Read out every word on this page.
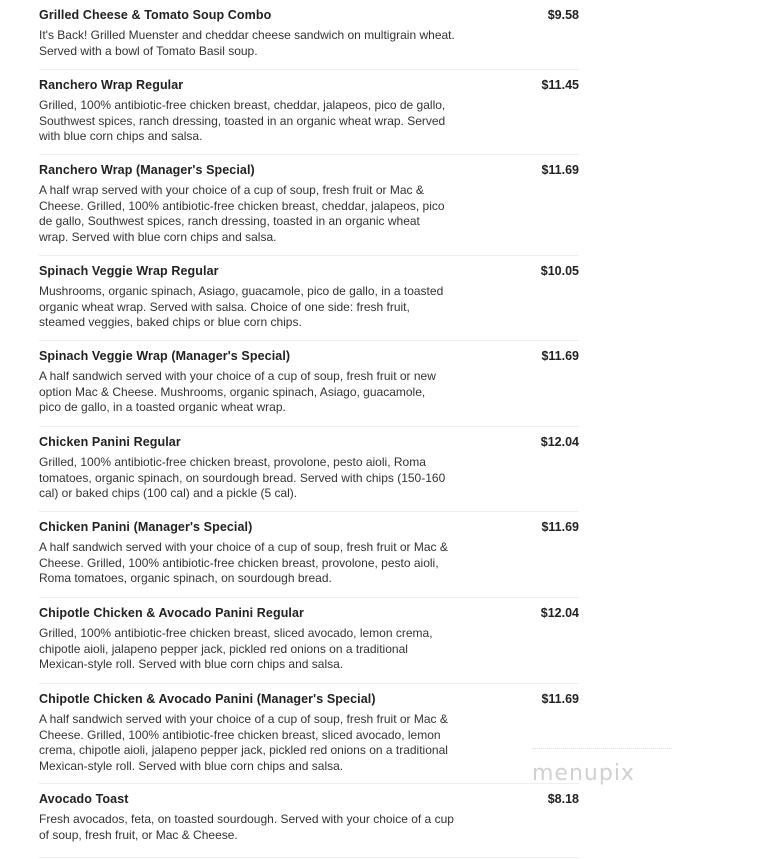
Grilled Cheese & Tomato Soup Combo	$9.58
It's Back! Grilled Muenster and cheddar cheese sandwich on multigrain wheat.
Served with a bowl of Tomato Basil soup.
Ranchero Wrap Regular	$11.45
Grilled, 100% antibiotic-free chicken breast, cheddar, jalapeos, pico de gallo,
Southwest spices, ranch dressing, toasted in an organic wheat wrap. Served
with blue corn chips and salsa.
Ranchero Wrap (Manager's Special)	$11.69
A half wrap served with your choice of a cup of soup, fresh fruit or Mac &
Cheese. Grilled, 100% antibiotic-free chicken breast, cheddar, jalapeos, pico
de gallo, Southwest spices, ranch dressing, toasted in an organic wheat
wrap. Served with blue corn chips and salsa.
Spinach Veggie Wrap Regular	$10.05
Mushrooms, organic spinach, Asiago, guacamole, pico de gallo, in a toasted
organic wheat wrap. Served with salsa. Choice of one side: fresh fruit,
steamed veggies, baked chips or blue corn chips.
Spinach Veggie Wrap (Manager's Special)	$11.69
A half sandwich served with your choice of a cup of soup, fresh fruit or new
option Mac & Cheese. Mushrooms, organic spinach, Asiago, guacamole,
pico de gallo, in a toasted organic wheat wrap.
Chicken Panini Regular	$12.04
Grilled, 100% antibiotic-free chicken breast, provolone, pesto aioli, Roma
tomatoes, organic spinach, on sourdough bread. Served with chips (150-160
cal) or baked chips (100 cal) and a pickle (5 cal).
Chicken Panini (Manager's Special)	$11.69
A half sandwich served with your choice of a cup of soup, fresh fruit or Mac &
Cheese. Grilled, 100% antibiotic-free chicken breast, provolone, pesto aioli,
Roma tomatoes, organic spinach, on sourdough bread.
Chipotle Chicken & Avocado Panini Regular	$12.04
Grilled, 100% antibiotic-free chicken breast, sliced avocado, lemon crema,
chipotle aioli, jalapeno pepper jack, pickled red onions on a traditional
Mexican-style roll. Served with blue corn chips and salsa.
Chipotle Chicken & Avocado Panini (Manager's Special)	$11.69
A half sandwich served with your choice of a cup of soup, fresh fruit or Mac &
Cheese. Grilled, 100% antibiotic-free chicken breast, sliced avocado, lemon
crema, chipotle aioli, jalapeno pepper jack, pickled red onions on a traditional
Mexican-style roll. Served with blue corn chips and salsa.
Avocado Toast	$8.18
Fresh avocados, feta, on toasted sourdough. Served with your choice of a cup
of soup, fresh fruit, or Mac & Cheese.
menupix
